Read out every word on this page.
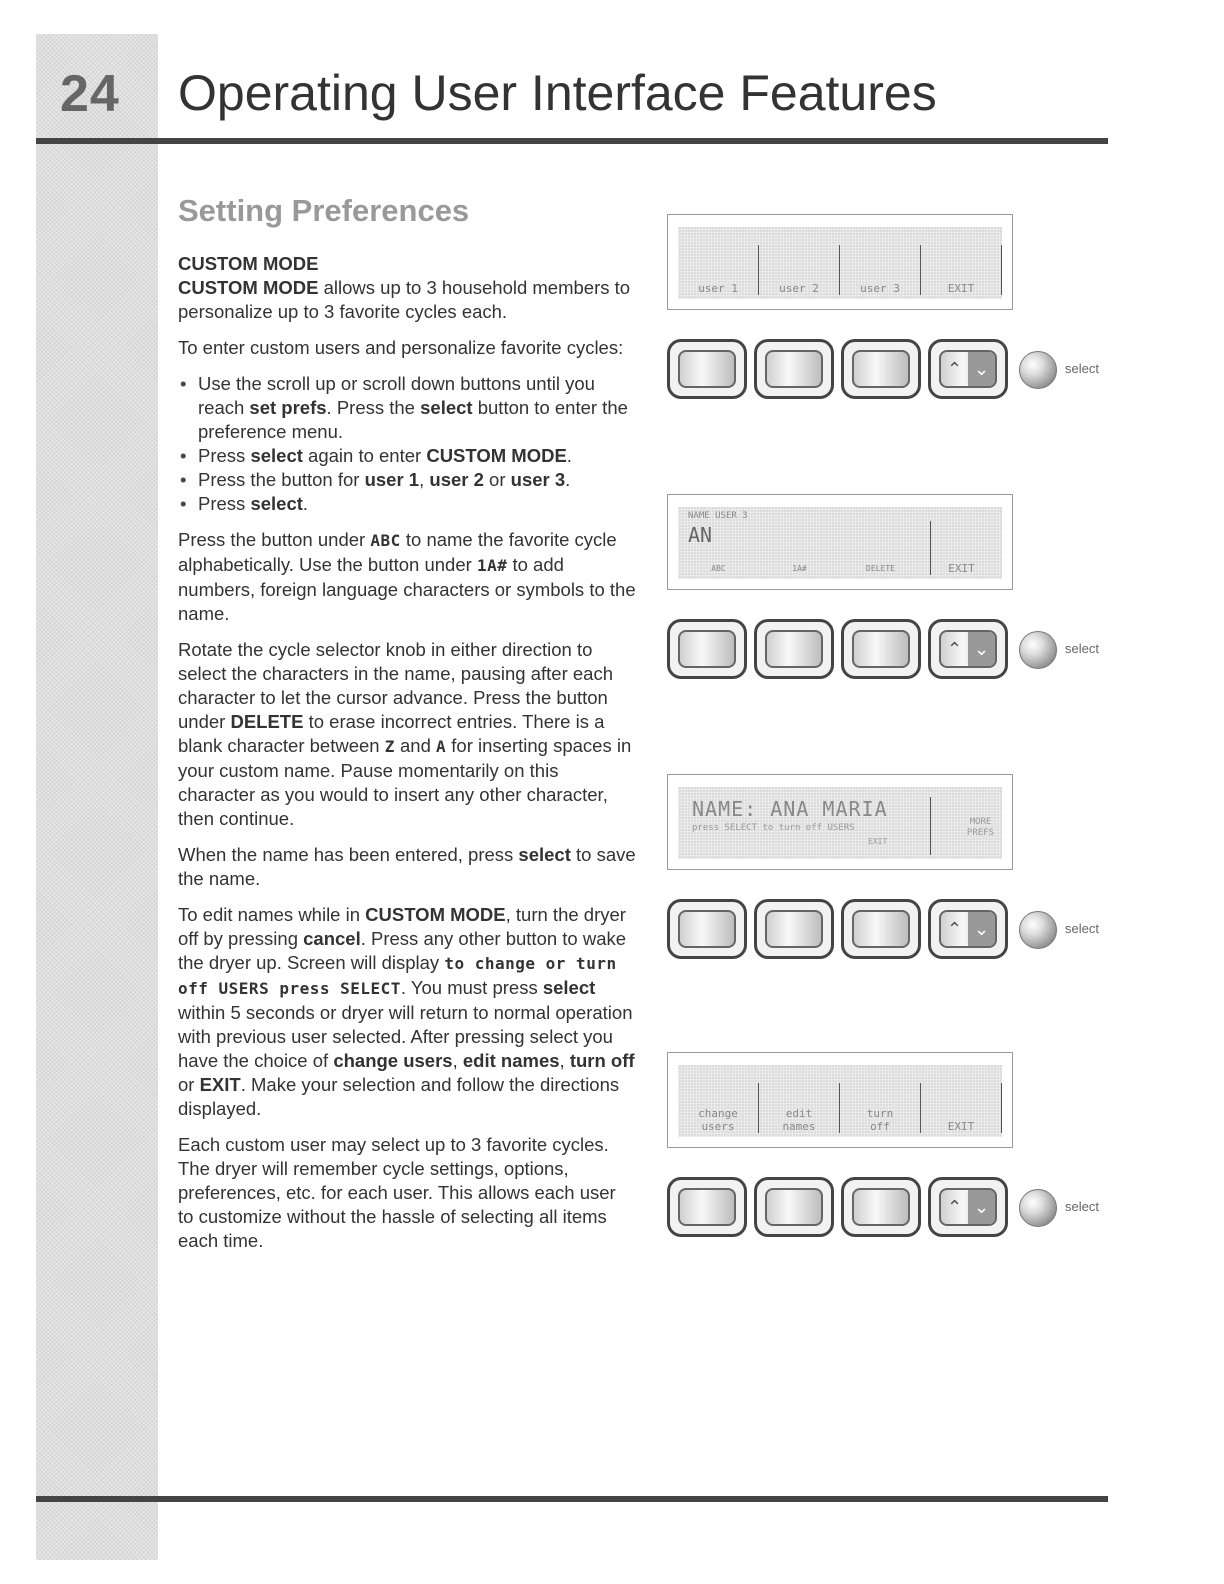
24 Operating User Interface Features
Setting Preferences
CUSTOM MODE

CUSTOM MODE allows up to 3 household members to personalize up to 3 favorite cycles each.

To enter custom users and personalize favorite cycles:

• Use the scroll up or scroll down buttons until you reach set prefs. Press the select button to enter the preference menu.
• Press select again to enter CUSTOM MODE.
• Press the button for user 1, user 2 or user 3.
• Press select.

Press the button under ABC to name the favorite cycle alphabetically. Use the button under 1A# to add numbers, foreign language characters or symbols to the name.

Rotate the cycle selector knob in either direction to select the characters in the name, pausing after each character to let the cursor advance. Press the button under DELETE to erase incorrect entries. There is a blank character between Z and A for inserting spaces in your custom name. Pause momentarily on this character as you would to insert any other character, then continue.

When the name has been entered, press select to save the name.

To edit names while in CUSTOM MODE, turn the dryer off by pressing cancel. Press any other button to wake the dryer up. Screen will display to change or turn off USERS press SELECT. You must press select within 5 seconds or dryer will return to normal operation with previous user selected. After pressing select you have the choice of change users, edit names, turn off or EXIT. Make your selection and follow the directions displayed.

Each custom user may select up to 3 favorite cycles. The dryer will remember cycle settings, options, preferences, etc. for each user. This allows each user to customize without the hassle of selecting all items each time.

user 1	user 2	user 3	EXIT
⌃ ⌄	select
NAME USER 3
AN
ABC	1A#	DELETE	EXIT
⌃ ⌄	select
NAME: ANA MARIA
press SELECT to turn off USERS
EXIT
MORE
PREFS
⌃ ⌄	select
change
users
edit
names
turn
off	EXIT
⌃ ⌄	select
